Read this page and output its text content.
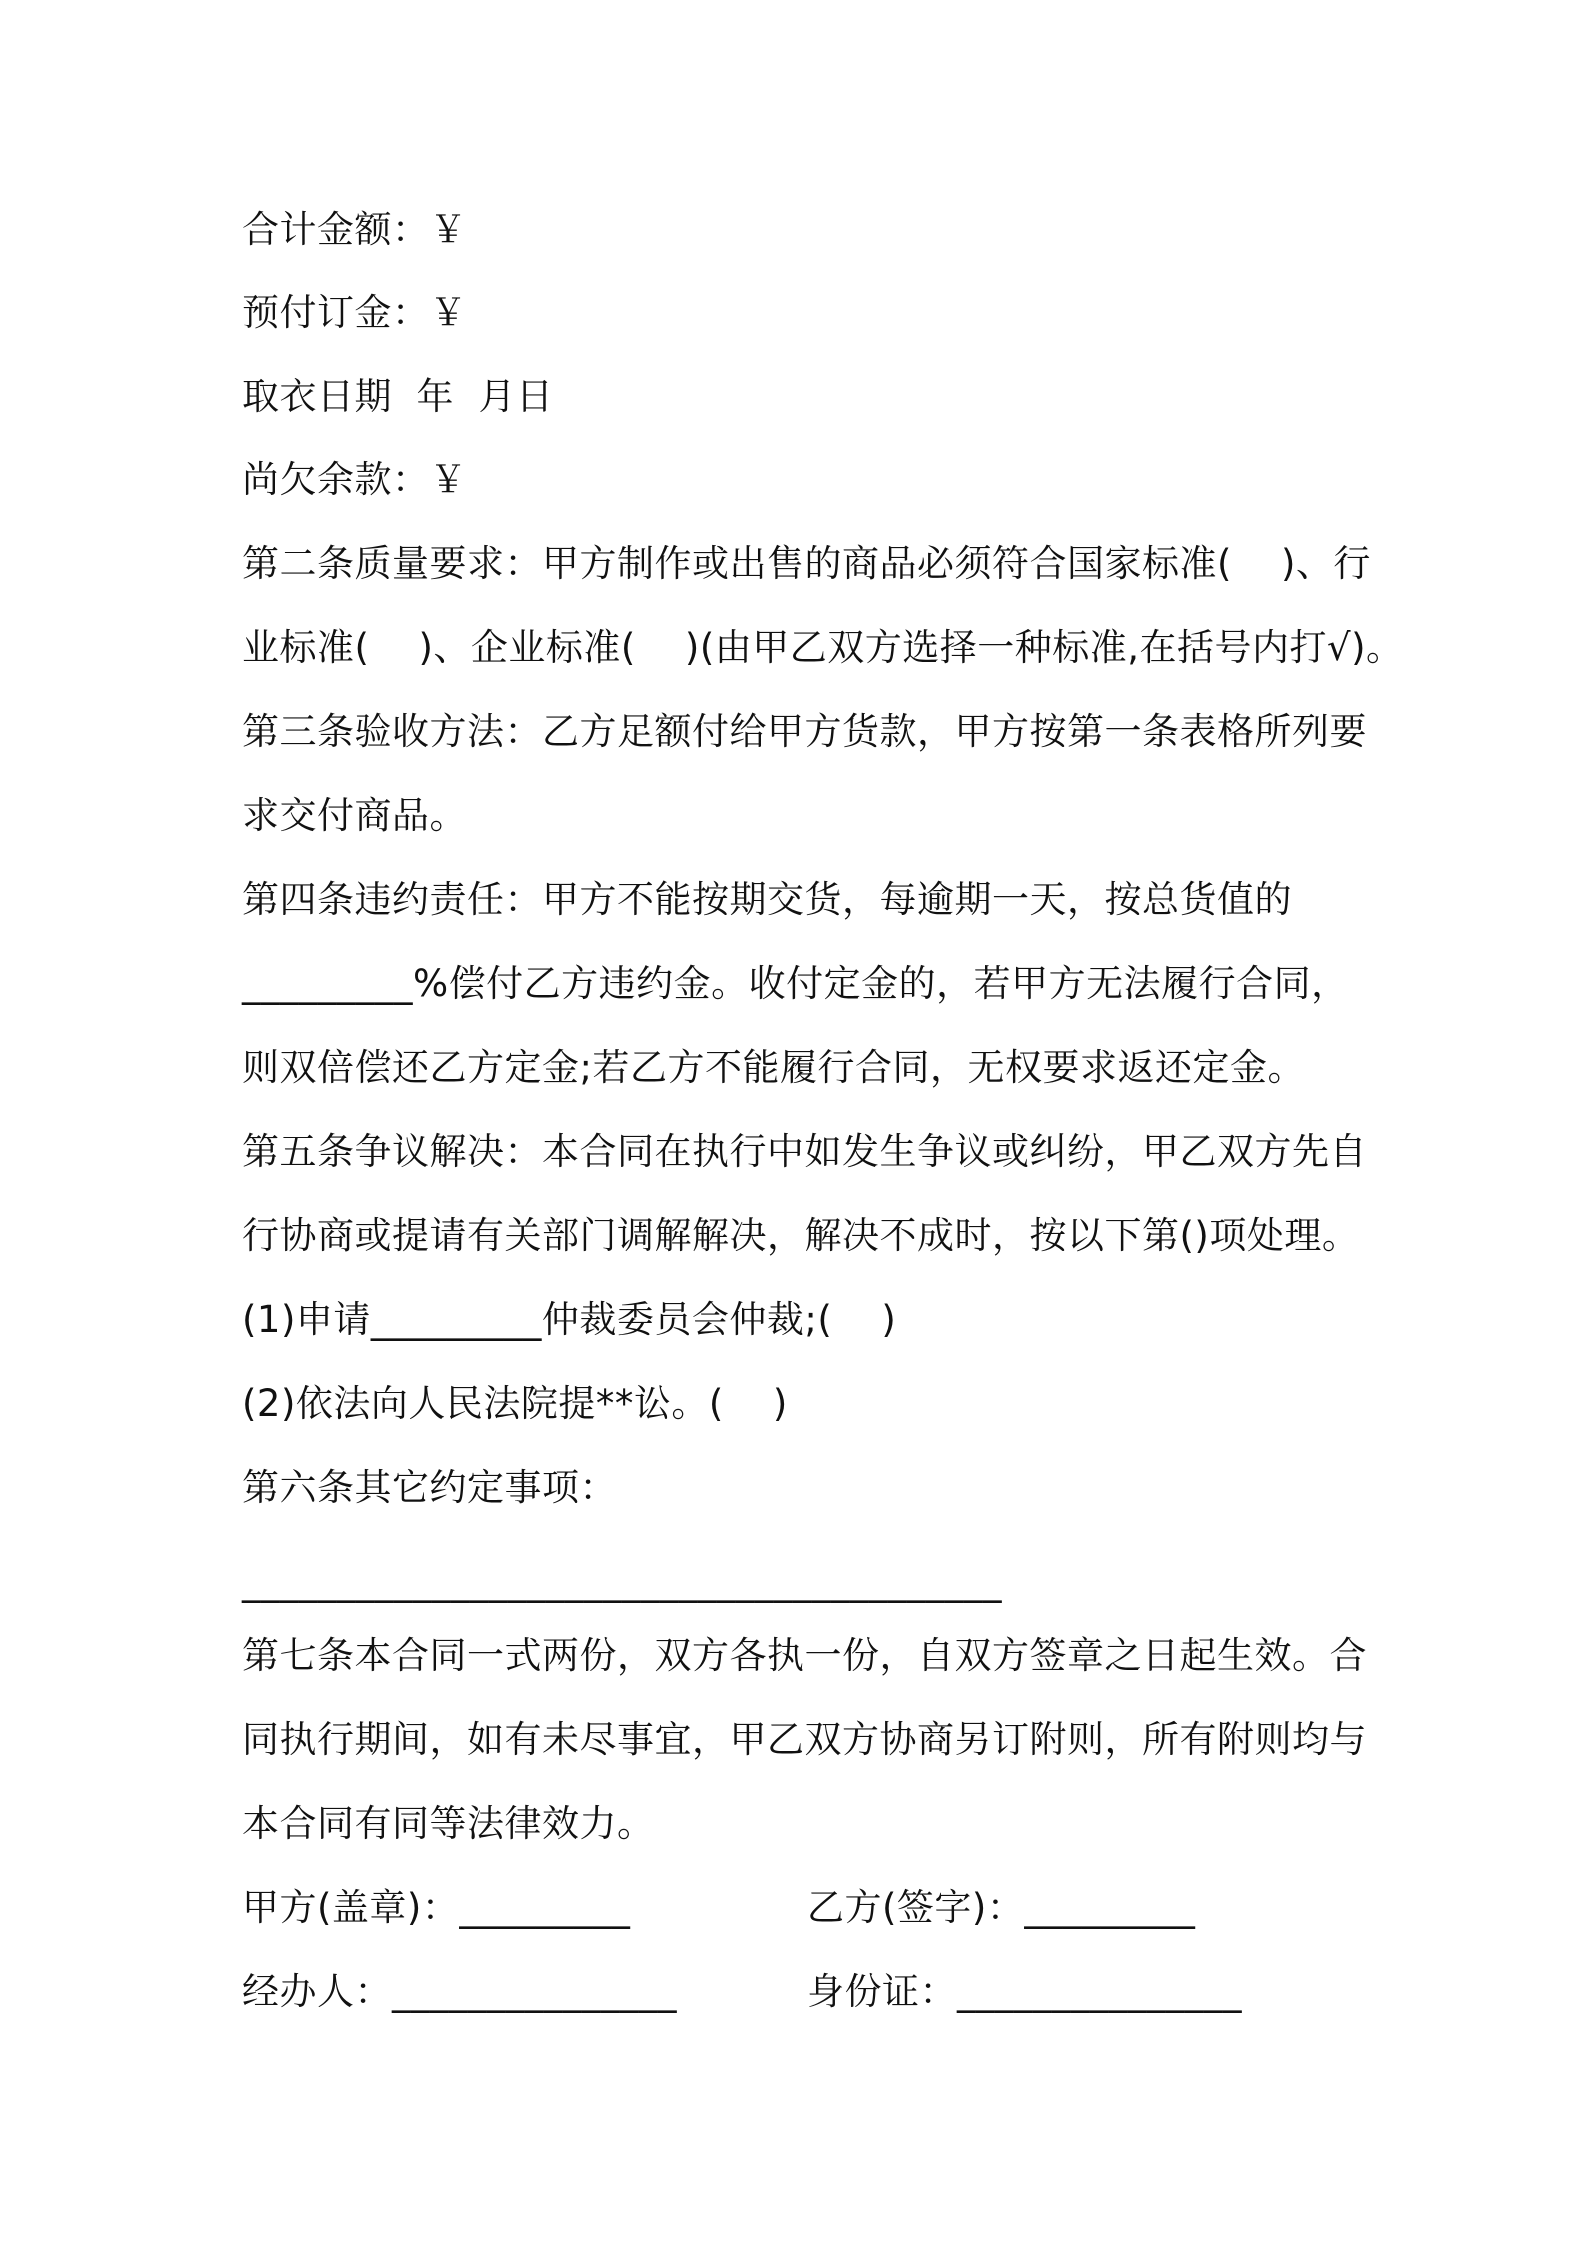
合计金额：￥
预付订金：￥
取衣日期  年  月日
尚欠余款：￥
第二条质量要求：甲方制作或出售的商品必须符合国家标准(    )、行
业标准(    )、企业标准(    )(由甲乙双方选择一种标准,在括号内打√)。
第三条验收方法：乙方足额付给甲方货款，甲方按第一条表格所列要
求交付商品。
第四条违约责任：甲方不能按期交货，每逾期一天，按总货值的
_________%偿付乙方违约金。收付定金的，若甲方无法履行合同，
则双倍偿还乙方定金;若乙方不能履行合同，无权要求返还定金。
第五条争议解决：本合同在执行中如发生争议或纠纷，甲乙双方先自
行协商或提请有关部门调解解决，解决不成时，按以下第()项处理。
(1)申请_________仲裁委员会仲裁;(    )
(2)依法向人民法院提**讼。(    )
第六条其它约定事项：
________________________________________
第七条本合同一式两份，双方各执一份，自双方签章之日起生效。合
同执行期间，如有未尽事宜，甲乙双方协商另订附则，所有附则均与
本合同有同等法律效力。
甲方(盖章)：_________	乙方(签字)：_________
经办人：_______________	身份证：_______________
